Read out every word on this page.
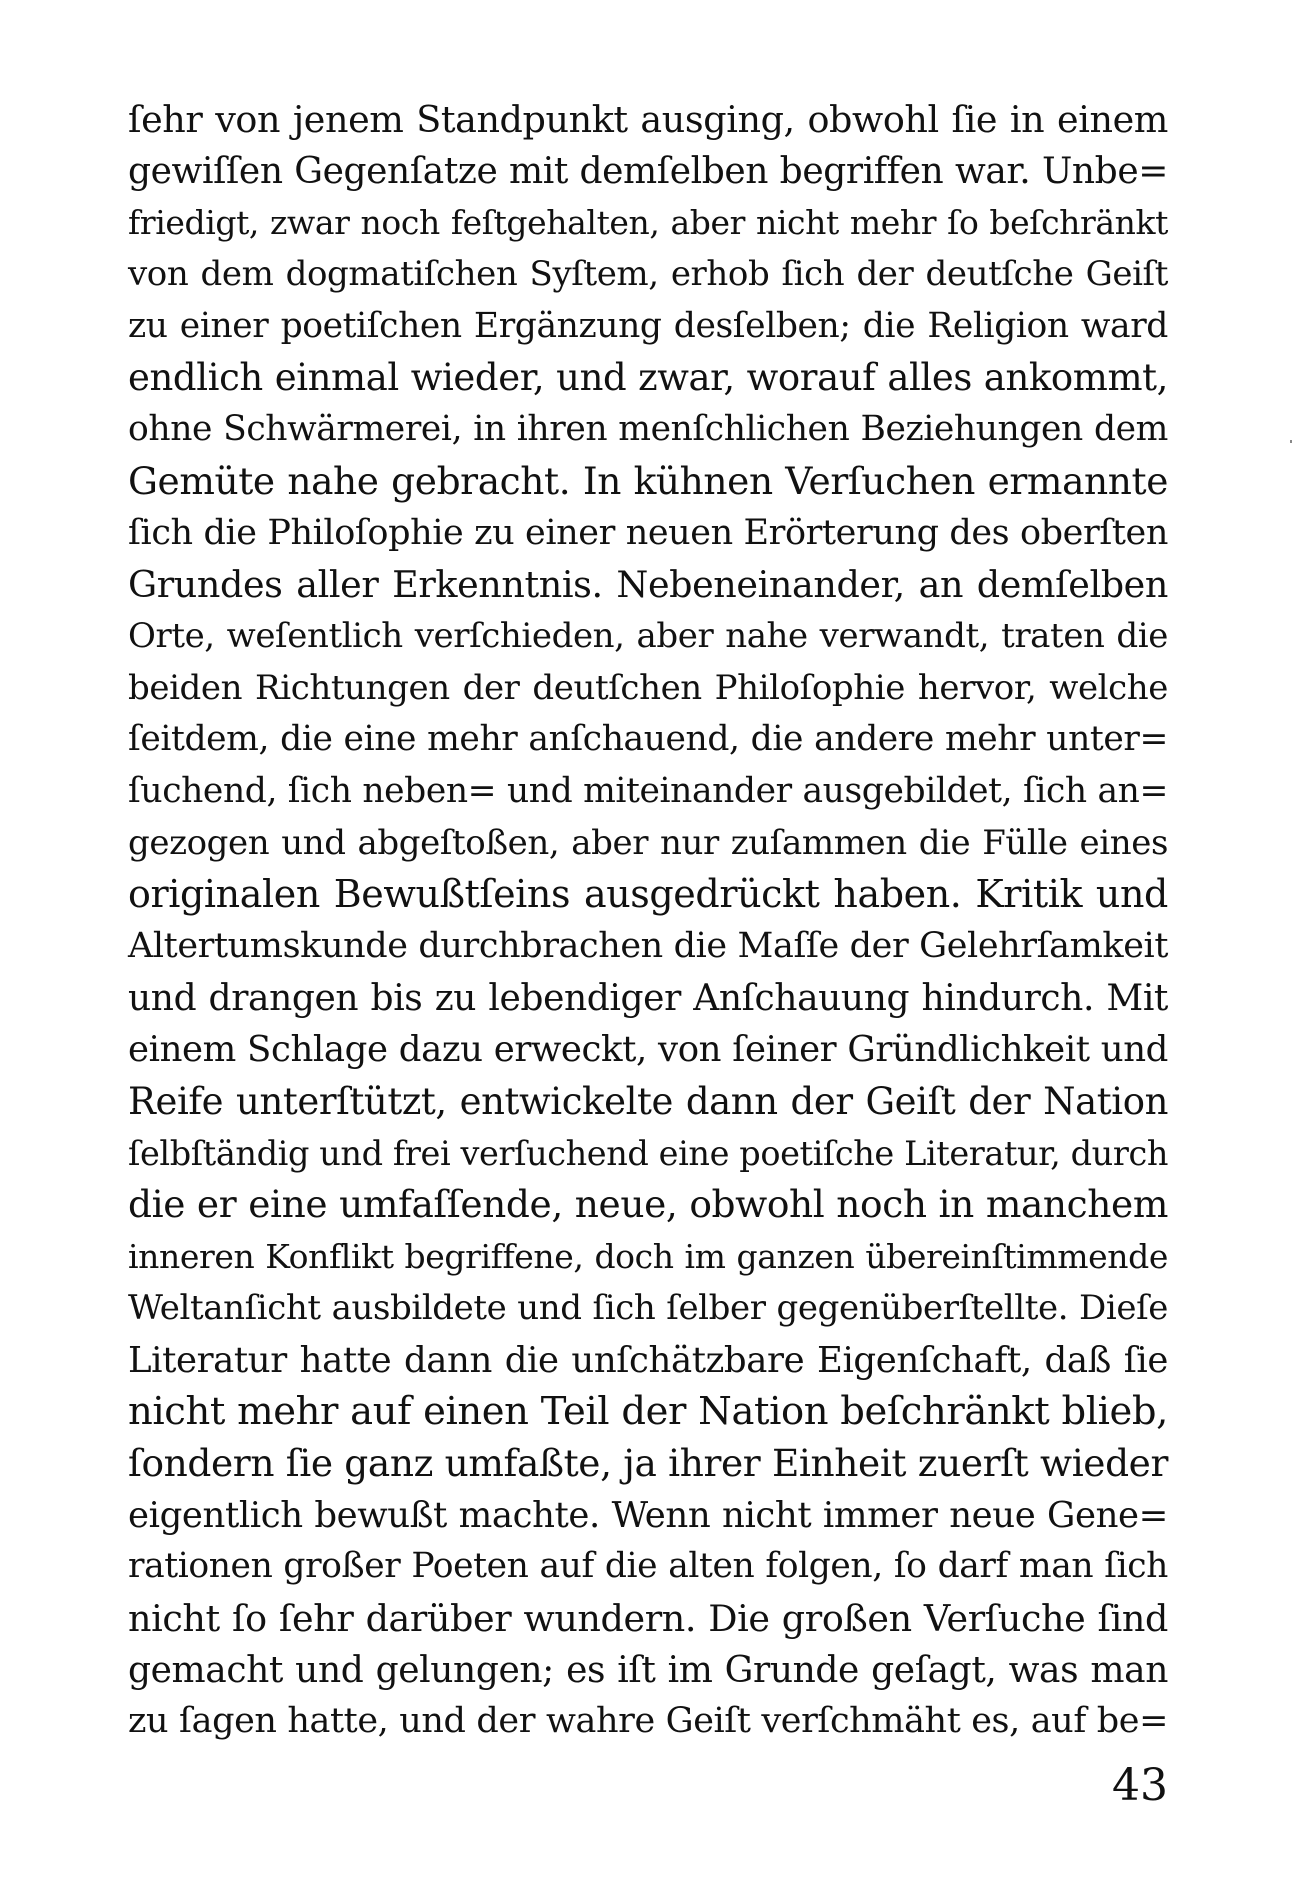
ſehr von jenem Standpunkt ausging, obwohl ſie in einem
gewiſſen Gegenſatze mit demſelben begriffen war. Unbe=
friedigt, zwar noch feſtgehalten, aber nicht mehr ſo beſchränkt
von dem dogmatiſchen Syſtem, erhob ſich der deutſche Geiſt
zu einer poetiſchen Ergänzung desſelben; die Religion ward
endlich einmal wieder, und zwar, worauf alles ankommt,
ohne Schwärmerei, in ihren menſchlichen Beziehungen dem
Gemüte nahe gebracht. In kühnen Verſuchen ermannte
ſich die Philoſophie zu einer neuen Erörterung des oberſten
Grundes aller Erkenntnis. Nebeneinander, an demſelben
Orte, weſentlich verſchieden, aber nahe verwandt, traten die
beiden Richtungen der deutſchen Philoſophie hervor, welche
ſeitdem, die eine mehr anſchauend, die andere mehr unter=
ſuchend, ſich neben= und miteinander ausgebildet, ſich an=
gezogen und abgeſtoßen, aber nur zuſammen die Fülle eines
originalen Bewußtſeins ausgedrückt haben. Kritik und
Altertumskunde durchbrachen die Maſſe der Gelehrſamkeit
und drangen bis zu lebendiger Anſchauung hindurch. Mit
einem Schlage dazu erweckt, von ſeiner Gründlichkeit und
Reife unterſtützt, entwickelte dann der Geiſt der Nation
ſelbſtändig und frei verſuchend eine poetiſche Literatur, durch
die er eine umfaſſende, neue, obwohl noch in manchem
inneren Konflikt begriffene, doch im ganzen übereinſtimmende
Weltanſicht ausbildete und ſich ſelber gegenüberſtellte. Dieſe
Literatur hatte dann die unſchätzbare Eigenſchaft, daß ſie
nicht mehr auf einen Teil der Nation beſchränkt blieb,
ſondern ſie ganz umfaßte, ja ihrer Einheit zuerſt wieder
eigentlich bewußt machte. Wenn nicht immer neue Gene=
rationen großer Poeten auf die alten folgen, ſo darf man ſich
nicht ſo ſehr darüber wundern. Die großen Verſuche ſind
gemacht und gelungen; es iſt im Grunde geſagt, was man
zu ſagen hatte, und der wahre Geiſt verſchmäht es, auf be=
43
